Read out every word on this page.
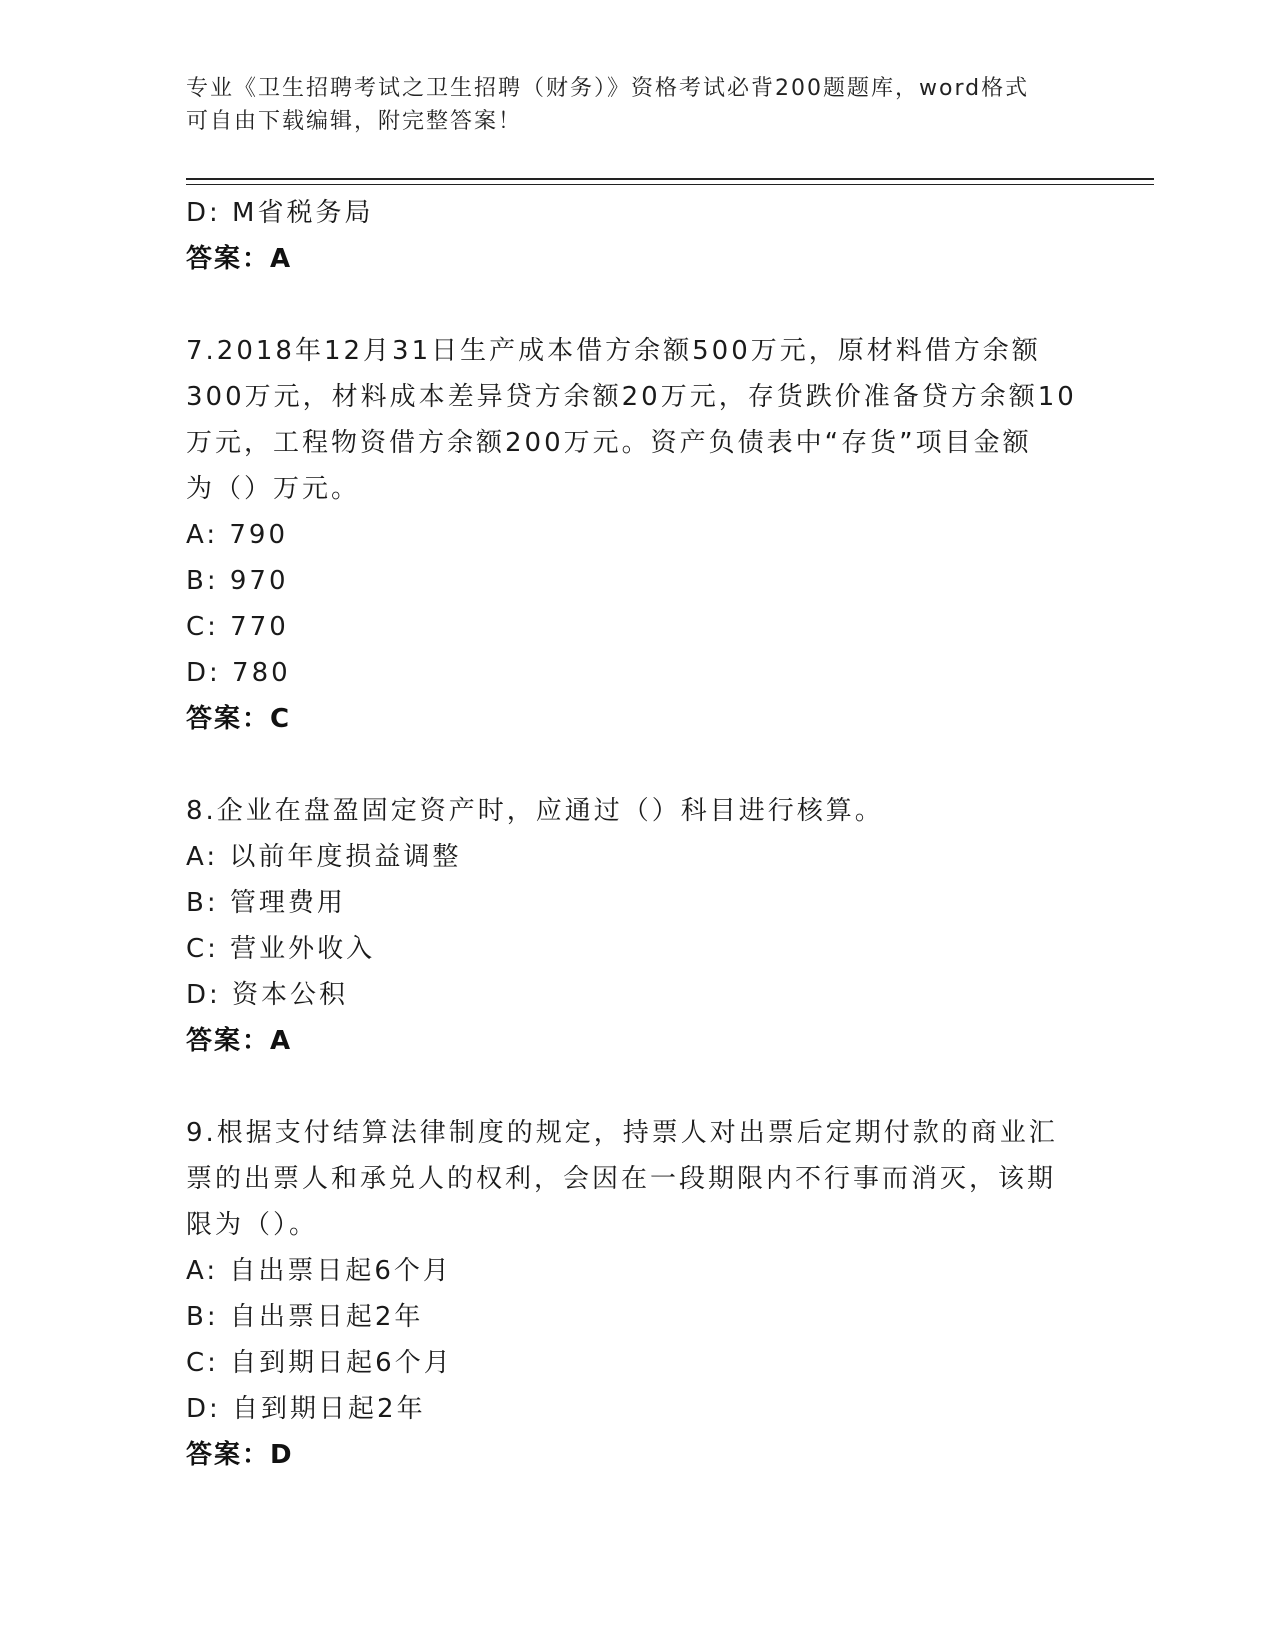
专业《卫生招聘考试之卫生招聘（财务）》资格考试必背200题题库，word格式
可自由下载编辑，附完整答案！
D: M省税务局
答案：A
7.2018年12月31日生产成本借方余额500万元，原材料借方余额
300万元，材料成本差异贷方余额20万元，存货跌价准备贷方余额10
万元，工程物资借方余额200万元。资产负债表中“存货”项目金额
为（）万元。
A: 790
B: 970
C: 770
D: 780
答案：C
8.企业在盘盈固定资产时，应通过（）科目进行核算。
A: 以前年度损益调整
B: 管理费用
C: 营业外收入
D: 资本公积
答案：A
9.根据支付结算法律制度的规定，持票人对出票后定期付款的商业汇
票的出票人和承兑人的权利，会因在一段期限内不行事而消灭，该期
限为（）。
A: 自出票日起6个月
B: 自出票日起2年
C: 自到期日起6个月
D: 自到期日起2年
答案：D
